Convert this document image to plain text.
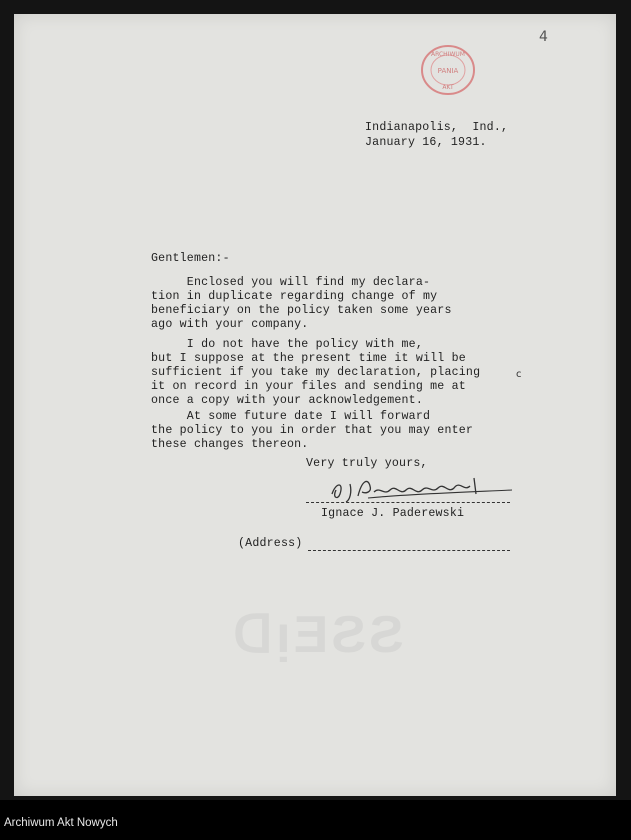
ᗡᴉƎƧƧ
4
ARCHIWUM
PANIA
AKT
Indianapolis,  Ind.,
January 16, 1931.
Gentlemen:-
Enclosed you will find my declara-
tion in duplicate regarding change of my
beneficiary on the policy taken some years
ago with your company.
I do not have the policy with me,
but I suppose at the present time it will be
sufficient if you take my declaration, placing
it on record in your files and sending me at
once a copy with your acknowledgement.
ᴄ
At some future date I will forward
the policy to you in order that you may enter
these changes thereon.
Very truly yours,
Ignace J. Paderewski
(Address)
Archiwum Akt Nowych
